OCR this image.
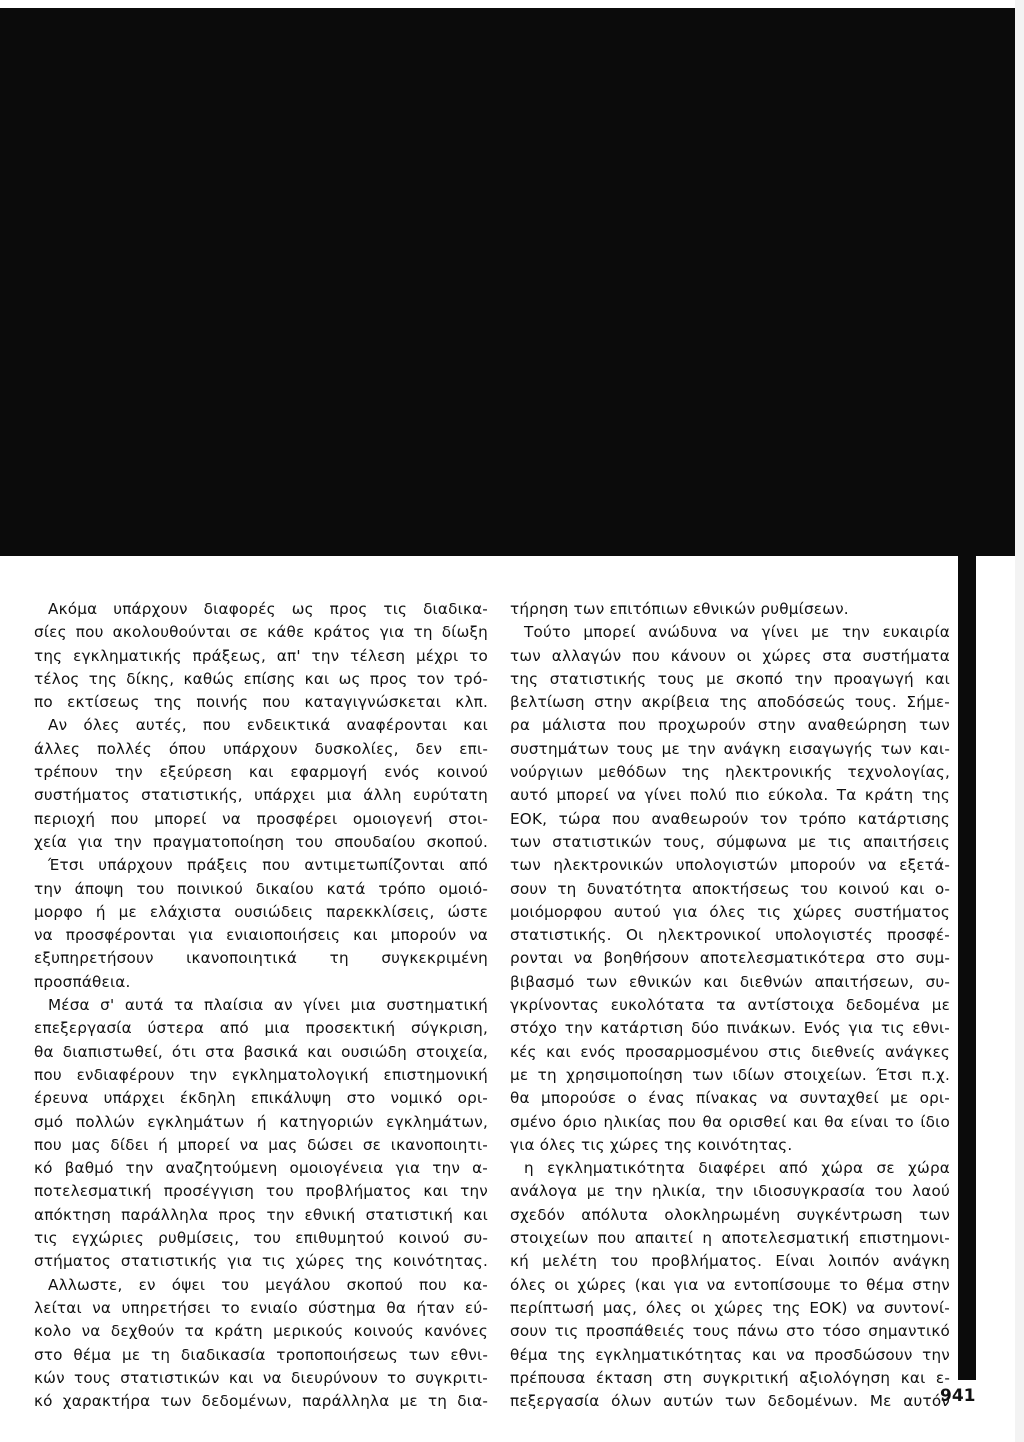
Ακόμα υπάρχουν διαφορές ως προς τις διαδικα-
σίες που ακολουθούνται σε κάθε κράτος για τη δίωξη
της εγκληματικής πράξεως, απ' την τέλεση μέχρι το
τέλος της δίκης, καθώς επίσης και ως προς τον τρό-
πο εκτίσεως της ποινής που καταγιγνώσκεται κλπ.
Αν όλες αυτές, που ενδεικτικά αναφέρονται και
άλλες πολλές όπου υπάρχουν δυσκολίες, δεν επι-
τρέπουν την εξεύρεση και εφαρμογή ενός κοινού
συστήματος στατιστικής, υπάρχει μια άλλη ευρύτατη
περιοχή που μπορεί να προσφέρει ομοιογενή στοι-
χεία για την πραγματοποίηση του σπουδαίου σκοπού.
Έτσι υπάρχουν πράξεις που αντιμετωπίζονται από
την άποψη του ποινικού δικαίου κατά τρόπο ομοιό-
μορφο ή με ελάχιστα ουσιώδεις παρεκκλίσεις, ώστε
να προσφέρονται για ενιαιοποιήσεις και μπορούν να
εξυπηρετήσουν ικανοποιητικά τη συγκεκριμένη
προσπάθεια.
Μέσα σ' αυτά τα πλαίσια αν γίνει μια συστηματική
επεξεργασία ύστερα από μια προσεκτική σύγκριση,
θα διαπιστωθεί, ότι στα βασικά και ουσιώδη στοιχεία,
που ενδιαφέρουν την εγκληματολογική επιστημονική
έρευνα υπάρχει έκδηλη επικάλυψη στο νομικό ορι-
σμό πολλών εγκλημάτων ή κατηγοριών εγκλημάτων,
που μας δίδει ή μπορεί να μας δώσει σε ικανοποιητι-
κό βαθμό την αναζητούμενη ομοιογένεια για την α-
ποτελεσματική προσέγγιση του προβλήματος και την
απόκτηση παράλληλα προς την εθνική στατιστική και
τις εγχώριες ρυθμίσεις, του επιθυμητού κοινού συ-
στήματος στατιστικής για τις χώρες της κοινότητας.
Αλλωστε, εν όψει του μεγάλου σκοπού που κα-
λείται να υπηρετήσει το ενιαίο σύστημα θα ήταν εύ-
κολο να δεχθούν τα κράτη μερικούς κοινούς κανόνες
στο θέμα με τη διαδικασία τροποποιήσεως των εθνι-
κών τους στατιστικών και να διευρύνουν το συγκριτι-
κό χαρακτήρα των δεδομένων, παράλληλα με τη δια-
τήρηση των επιτόπιων εθνικών ρυθμίσεων.
Τούτο μπορεί ανώδυνα να γίνει με την ευκαιρία
των αλλαγών που κάνουν οι χώρες στα συστήματα
της στατιστικής τους με σκοπό την προαγωγή και
βελτίωση στην ακρίβεια της αποδόσεώς τους. Σήμε-
ρα μάλιστα που προχωρούν στην αναθεώρηση των
συστημάτων τους με την ανάγκη εισαγωγής των και-
νούργιων μεθόδων της ηλεκτρονικής τεχνολογίας,
αυτό μπορεί να γίνει πολύ πιο εύκολα. Τα κράτη της
ΕΟΚ, τώρα που αναθεωρούν τον τρόπο κατάρτισης
των στατιστικών τους, σύμφωνα με τις απαιτήσεις
των ηλεκτρονικών υπολογιστών μπορούν να εξετά-
σουν τη δυνατότητα αποκτήσεως του κοινού και ο-
μοιόμορφου αυτού για όλες τις χώρες συστήματος
στατιστικής. Οι ηλεκτρονικοί υπολογιστές προσφέ-
ρονται να βοηθήσουν αποτελεσματικότερα στο συμ-
βιβασμό των εθνικών και διεθνών απαιτήσεων, συ-
γκρίνοντας ευκολότατα τα αντίστοιχα δεδομένα με
στόχο την κατάρτιση δύο πινάκων. Ενός για τις εθνι-
κές και ενός προσαρμοσμένου στις διεθνείς ανάγκες
με τη χρησιμοποίηση των ιδίων στοιχείων. Έτσι π.χ.
θα μπορούσε ο ένας πίνακας να συνταχθεί με ορι-
σμένο όριο ηλικίας που θα ορισθεί και θα είναι το ίδιο
για όλες τις χώρες της κοινότητας.
η εγκληματικότητα διαφέρει από χώρα σε χώρα
ανάλογα με την ηλικία, την ιδιοσυγκρασία του λαού
σχεδόν απόλυτα ολοκληρωμένη συγκέντρωση των
στοιχείων που απαιτεί η αποτελεσματική επιστημονι-
κή μελέτη του προβλήματος. Είναι λοιπόν ανάγκη
όλες οι χώρες (και για να εντοπίσουμε το θέμα στην
περίπτωσή μας, όλες οι χώρες της ΕΟΚ) να συντονί-
σουν τις προσπάθειές τους πάνω στο τόσο σημαντικό
θέμα της εγκληματικότητας και να προσδώσουν την
πρέπουσα έκταση στη συγκριτική αξιολόγηση και ε-
πεξεργασία όλων αυτών των δεδομένων. Με αυτόν
941
